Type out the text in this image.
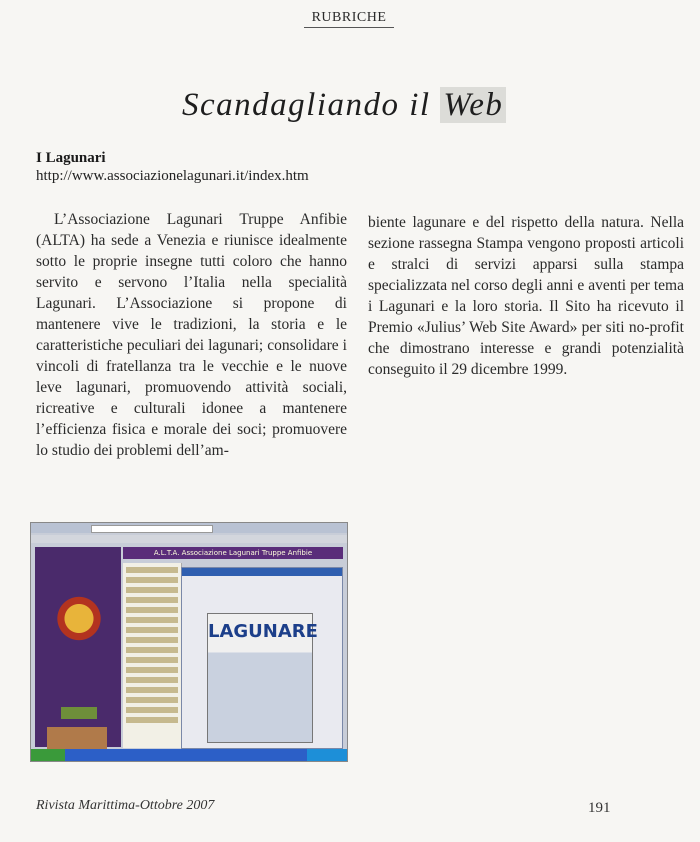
RUBRICHE
Scandagliando il Web
I Lagunari
http://www.associazionelagunari.it/index.htm

L’Associazione Lagunari Truppe Anfibie (ALTA) ha sede a Venezia e riunisce idealmente sotto le proprie insegne tutti coloro che hanno servito e servono l’Italia nella specialità Lagunari. L’Associazione si propone di mantenere vive le tradizioni, la storia e le caratteristiche peculiari dei lagunari; consolidare i vincoli di fratellanza tra le vecchie e le nuove leve lagunari, promuovendo attività sociali, ricreative e culturali idonee a mantenere l’efficienza fisica e morale dei soci; promuovere lo studio dei problemi dell’am-

biente lagunare e del rispetto della natura. Nella sezione rassegna Stampa vengono proposti articoli e stralci di servizi apparsi sulla stampa specializzata nel corso degli anni e aventi per tema i Lagunari e la loro storia. Il Sito ha ricevuto il Premio «Julius’ Web Site Award» per siti no-profit che dimostrano interesse e grandi potenzialità conseguito il 29 dicembre 1999.

A.L.T.A. Associazione Lagunari Truppe Anfibie
LAGUNARE
Rivista Marittima-Ottobre 2007	191
